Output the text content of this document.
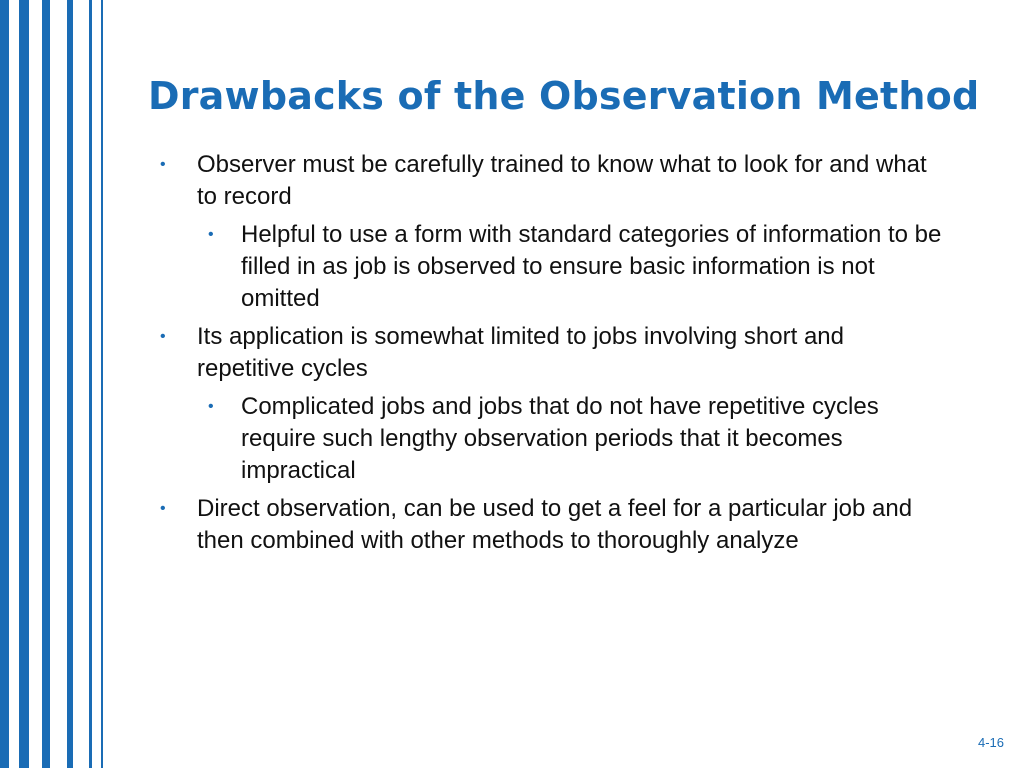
Drawbacks of the Observation Method
• Observer must be carefully trained to know what to look for and what to record
• Helpful to use a form with standard categories of information to be filled in as job is observed to ensure basic information is not omitted
• Its application is somewhat limited to jobs involving short and repetitive cycles
• Complicated jobs and jobs that do not have repetitive cycles require such lengthy observation periods that it becomes impractical
• Direct observation, can be used to get a feel for a particular job and then combined with other methods to thoroughly analyze
4-16
